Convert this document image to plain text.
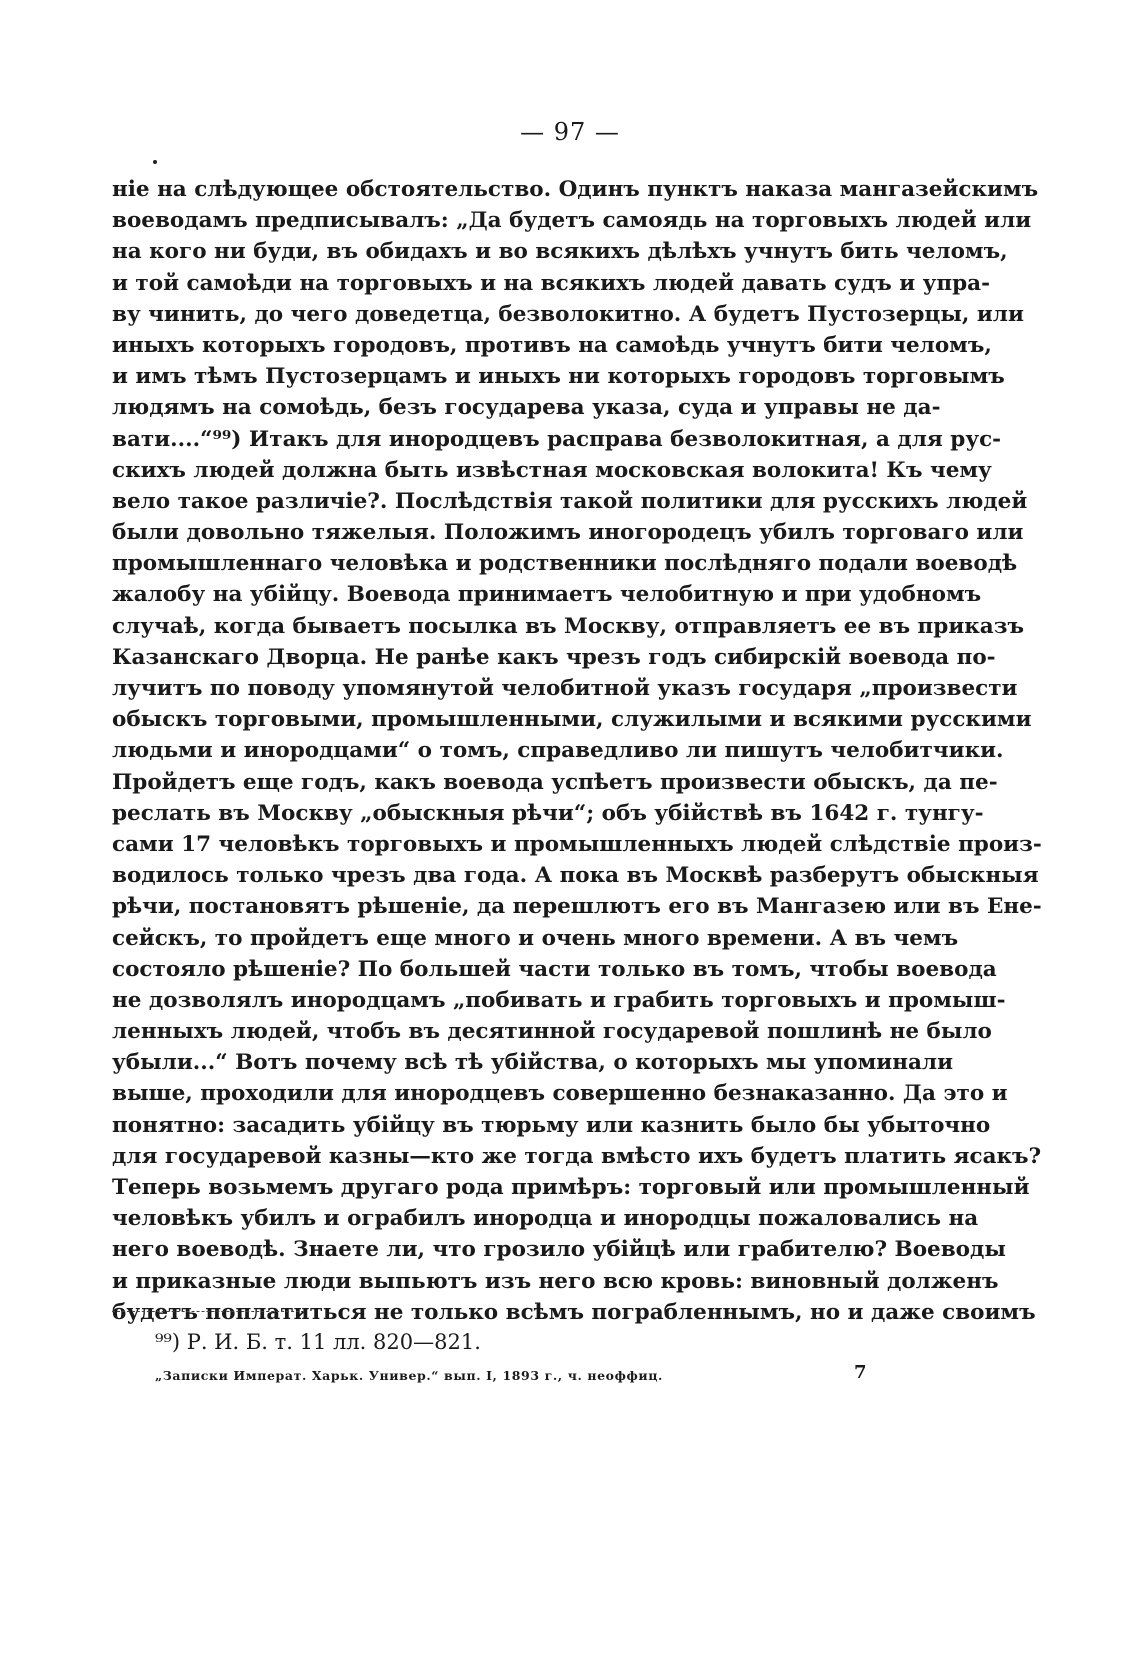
— 97 —
ніе на слѣдующее обстоятельство. Одинъ пунктъ наказа мангазейскимъ
воеводамъ предписывалъ: „Да будетъ самоядь на торговыхъ людей или
на кого ни буди, въ обидахъ и во всякихъ дѣлѣхъ учнутъ бить челомъ,
и той самоѣди на торговыхъ и на всякихъ людей давать судъ и упра-
ву чинить, до чего доведетца, безволокитно. А будетъ Пустозерцы, или
иныхъ которыхъ городовъ, противъ на самоѣдь учнутъ бити челомъ,
и имъ тѣмъ Пустозерцамъ и иныхъ ни которыхъ городовъ торговымъ
людямъ на сомоѣдь, безъ государева указа, суда и управы не да-
вати....“⁹⁹) Итакъ для инородцевъ расправа безволокитная, а для рус-
скихъ людей должна быть извѣстная московская волокита! Къ чему
вело такое различіе?. Послѣдствія такой политики для русскихъ людей
были довольно тяжелыя. Положимъ иногородецъ убилъ торговаго или
промышленнаго человѣка и родственники послѣдняго подали воеводѣ
жалобу на убійцу. Воевода принимаетъ челобитную и при удобномъ
случаѣ, когда бываетъ посылка въ Москву, отправляетъ ее въ приказъ
Казанскаго Дворца. Не ранѣе какъ чрезъ годъ сибирскій воевода по-
лучитъ по поводу упомянутой челобитной указъ государя „произвести
обыскъ торговыми, промышленными, служилыми и всякими русскими
людьми и инородцами“ о томъ, справедливо ли пишутъ челобитчики.
Пройдетъ еще годъ, какъ воевода успѣетъ произвести обыскъ, да пе-
реслать въ Москву „обыскныя рѣчи“; объ убійствѣ въ 1642 г. тунгу-
сами 17 человѣкъ торговыхъ и промышленныхъ людей слѣдствіе произ-
водилось только чрезъ два года. А пока въ Москвѣ разберутъ обыскныя
рѣчи, постановятъ рѣшеніе, да перешлютъ его въ Мангазею или въ Ене-
сейскъ, то пройдетъ еще много и очень много времени. А въ чемъ
состояло рѣшеніе? По большей части только въ томъ, чтобы воевода
не дозволялъ инородцамъ „побивать и грабить торговыхъ и промыш-
ленныхъ людей, чтобъ въ десятинной государевой пошлинѣ не было
убыли...“ Вотъ почему всѣ тѣ убійства, о которыхъ мы упоминали
выше, проходили для инородцевъ совершенно безнаказанно. Да это и
понятно: засадить убійцу въ тюрьму или казнить было бы убыточно
для государевой казны—кто же тогда вмѣсто ихъ будетъ платить ясакъ?
Теперь возьмемъ другаго рода примѣръ: торговый или промышленный
человѣкъ убилъ и ограбилъ инородца и инородцы пожаловались на
него воеводѣ. Знаете ли, что грозило убійцѣ или грабителю? Воеводы
и приказные люди выпьютъ изъ него всю кровь: виновный долженъ
будетъ поплатиться не только всѣмъ пограбленнымъ, но и даже своимъ
⁹⁹) Р. И. Б. т. 11 лл. 820—821.
„Записки Императ. Харьк. Универ.“ вып. I, 1893 г., ч. неоффиц.	7
